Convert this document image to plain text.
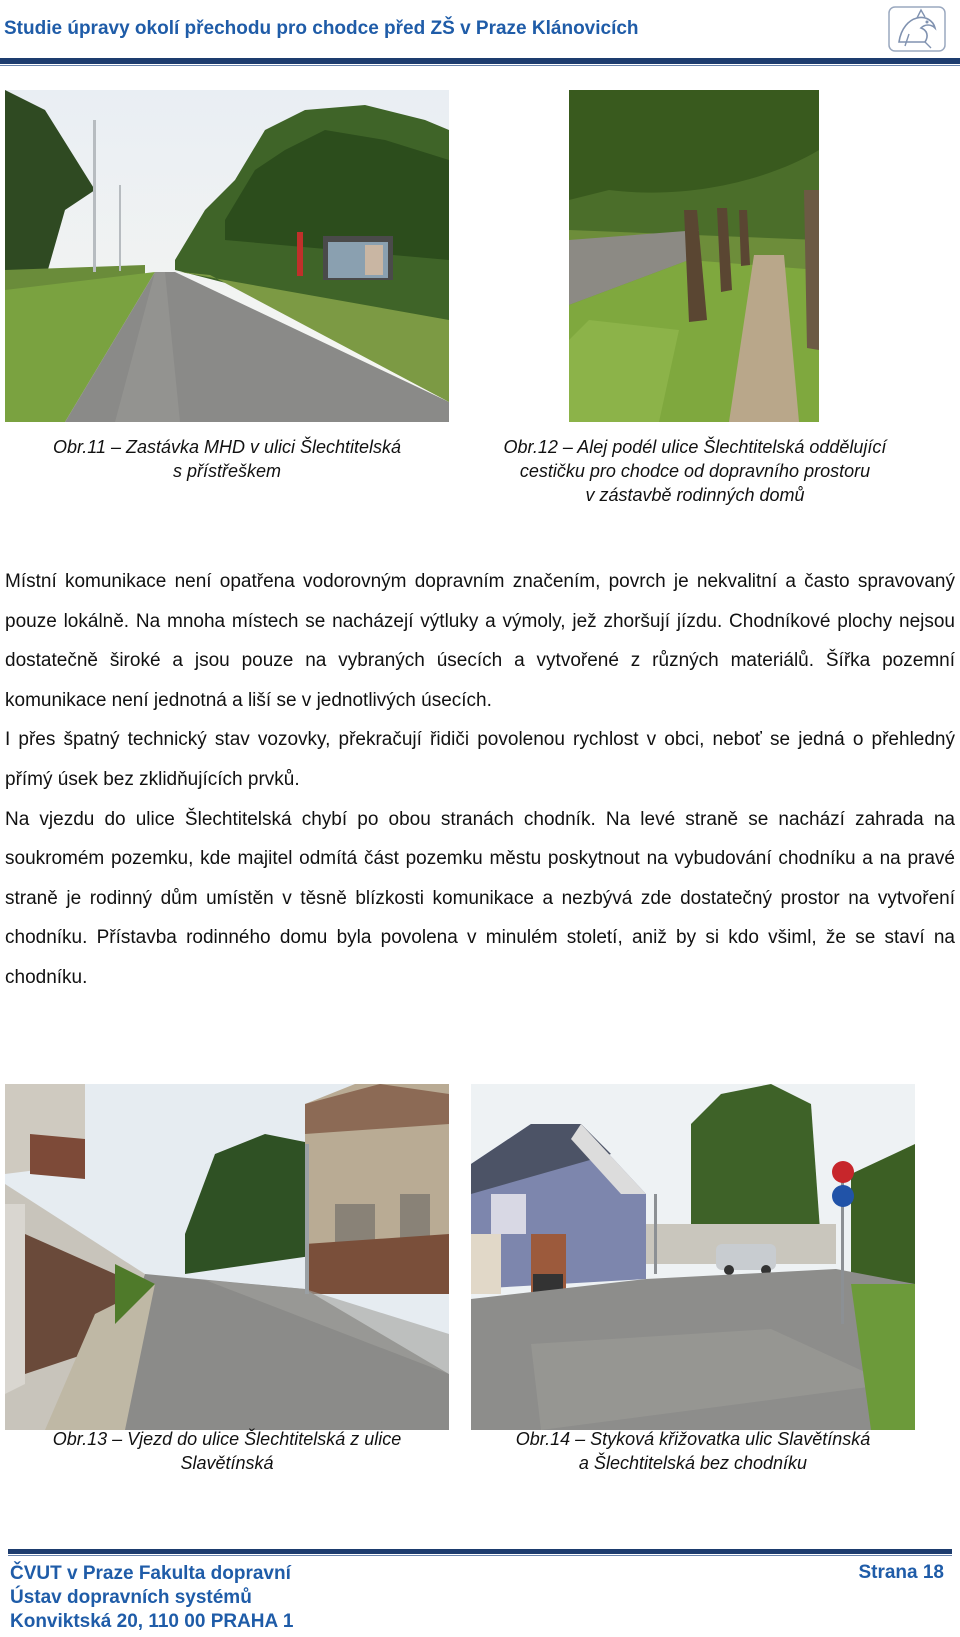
Studie úpravy okolí přechodu pro chodce před ZŠ v Praze Klánovicích
Obr.11 – Zastávka MHD v ulici Šlechtitelská
s přístřeškem
Obr.12 – Alej podél ulice Šlechtitelská oddělující
cestičku pro chodce od dopravního prostoru
v zástavbě rodinných domů

Místní komunikace není opatřena vodorovným dopravním značením, povrch je nekvalitní a často spravovaný pouze lokálně. Na mnoha místech se nacházejí výtluky a výmoly, jež zhoršují jízdu. Chodníkové plochy nejsou dostatečně široké a jsou pouze na vybraných úsecích a vytvořené z různých materiálů. Šířka pozemní komunikace není jednotná a liší se v jednotlivých úsecích.

I přes špatný technický stav vozovky, překračují řidiči povolenou rychlost v obci, neboť se jedná o přehledný přímý úsek bez zklidňujících prvků.

Na vjezdu do ulice Šlechtitelská chybí po obou stranách chodník. Na levé straně se nachází zahrada na soukromém pozemku, kde majitel odmítá část pozemku městu poskytnout na vybudování chodníku a na pravé straně je rodinný dům umístěn v těsně blízkosti komunikace a nezbývá zde dostatečný prostor na vytvoření chodníku. Přístavba rodinného domu byla povolena v minulém století, aniž by si kdo všiml, že se staví na chodníku.

Obr.13 – Vjezd do ulice Šlechtitelská z ulice
Slavětínská
Obr.14 – Styková křižovatka ulic Slavětínská
a Šlechtitelská bez chodníku
ČVUT v Praze Fakulta dopravní
Ústav dopravních systémů
Konviktská 20, 110 00 PRAHA 1
Strana 18
